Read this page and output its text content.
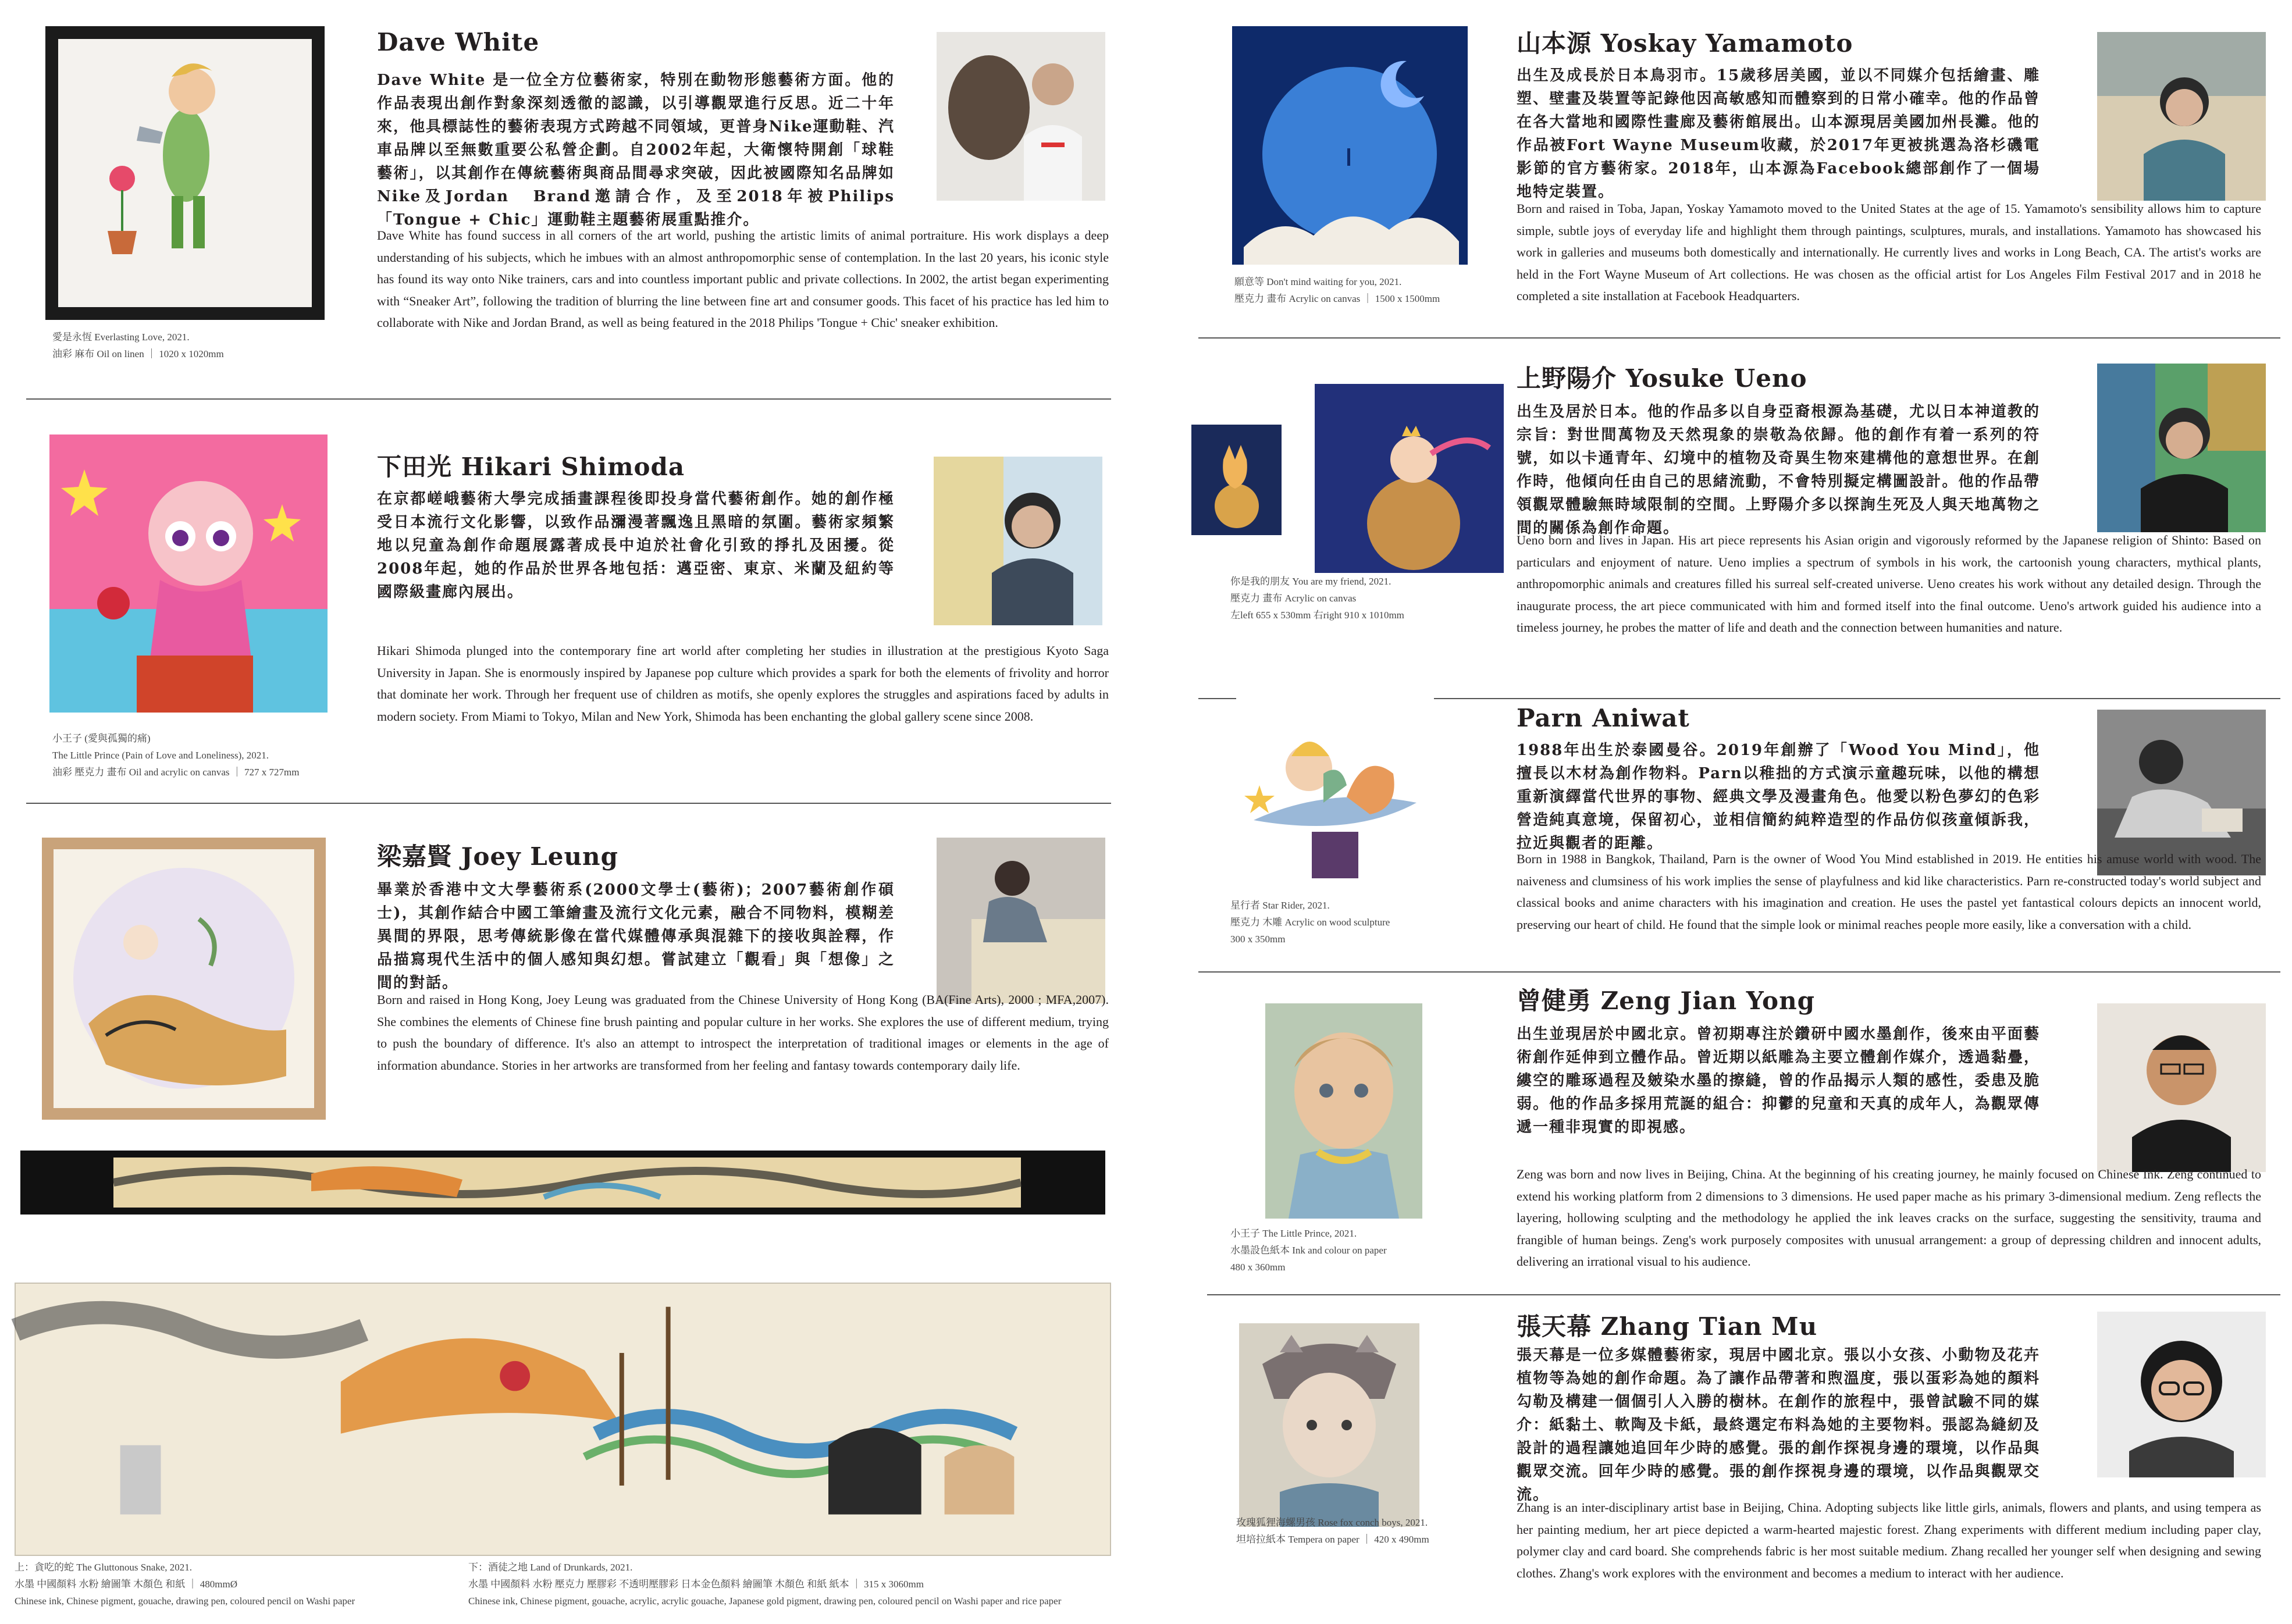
愛是永恆 Everlasting Love, 2021.
油彩 麻布 Oil on linen ｜ 1020 x 1020mm
Dave White
Dave White 是一位全方位藝術家，特別在動物形態藝術方面。他的作品表現出創作對象深刻透徹的認識，以引導觀眾進行反思。近二十年來，他具標誌性的藝術表現方式跨越不同領域，更普身Nike運動鞋、汽車品牌以至無數重要公私營企劃。自2002年起，大衛懷特開創「球鞋藝術」，以其創作在傳統藝術與商品間尋求突破，因此被國際知名品牌如Nike及Jordan　Brand邀請合作，及至2018年被Philips「Tongue + Chic」運動鞋主題藝術展重點推介。
Dave White has found success in all corners of the art world, pushing the artistic limits of animal portraiture. His work displays a deep understanding of his subjects, which he imbues with an almost anthropomorphic sense of contemplation. In the last 20 years, his iconic style has found its way onto Nike trainers, cars and into countless important public and private collections. In 2002, the artist began experimenting with “Sneaker Art”, following the tradition of blurring the line between fine art and consumer goods. This facet of his practice has led him to collaborate with Nike and Jordan Brand, as well as being featured in the 2018 Philips 'Tongue + Chic' sneaker exhibition.
小王子 (愛與孤獨的痛)
The Little Prince (Pain of Love and Loneliness), 2021.
油彩 壓克力 畫布 Oil and acrylic on canvas ｜ 727 x 727mm
下田光 Hikari Shimoda
在京都嵯峨藝術大學完成插畫課程後即投身當代藝術創作。她的創作極受日本流行文化影響，以致作品瀰漫著飄逸且黑暗的氛圍。藝術家頻繁地以兒童為創作命題展露著成長中迫於社會化引致的掙扎及困擾。從2008年起，她的作品於世界各地包括：邁亞密、東京、米蘭及紐約等國際級畫廊內展出。
Hikari Shimoda plunged into the contemporary fine art world after completing her studies in illustration at the prestigious Kyoto Saga University in Japan. She is enormously inspired by Japanese pop culture which provides a spark for both the elements of frivolity and horror that dominate her work. Through her frequent use of children as motifs, she openly explores the struggles and aspirations faced by adults in modern society. From Miami to Tokyo, Milan and New York, Shimoda has been enchanting the global gallery scene since 2008.
梁嘉賢 Joey Leung
畢業於香港中文大學藝術系(2000文學士(藝術)；2007藝術創作碩士)，其創作結合中國工筆繪畫及流行文化元素，融合不同物料，模糊差異間的界限，思考傳統影像在當代媒體傳承與混雜下的接收與詮釋，作品描寫現代生活中的個人感知與幻想。嘗試建立「觀看」與「想像」之間的對話。
Born and raised in Hong Kong, Joey Leung was graduated from the Chinese University of Hong Kong (BA(Fine Arts), 2000 ; MFA,2007). She combines the elements of Chinese fine brush painting and popular culture in her works. She explores the use of different medium, trying to push the boundary of difference. It's also an attempt to introspect the interpretation of traditional images or elements in the age of information abundance. Stories in her artworks are transformed from her feeling and fantasy towards contemporary daily life.
上：貪吃的蛇 The Gluttonous Snake, 2021.
水墨 中國顏料 水粉 繪圖筆 木顏色 和紙 ｜ 480mmØ
Chinese ink, Chinese pigment, gouache, drawing pen, coloured pencil on Washi paper
下：酒徒之地 Land of Drunkards, 2021.
水墨 中國顏料 水粉 壓克力 壓膠彩 不透明壓膠彩 日本金色顏料 繪圖筆 木顏色 和紙 紙本 ｜ 315 x 3060mm
Chinese ink, Chinese pigment, gouache, acrylic, acrylic gouache, Japanese gold pigment, drawing pen, coloured pencil on Washi paper and rice paper
願意等 Don't mind waiting for you, 2021.
壓克力 畫布 Acrylic on canvas ｜ 1500 x 1500mm
山本源 Yoskay Yamamoto
出生及成長於日本鳥羽市。15歲移居美國，並以不同媒介包括繪畫、雕塑、壁畫及裝置等記錄他因高敏感知而體察到的日常小確幸。他的作品曾在各大當地和國際性畫廊及藝術館展出。山本源現居美國加州長灘。他的作品被Fort Wayne Museum收藏，於2017年更被挑選為洛杉磯電影節的官方藝術家。2018年，山本源為Facebook總部創作了一個場地特定裝置。
Born and raised in Toba, Japan, Yoskay Yamamoto moved to the United States at the age of 15. Yamamoto's sensibility allows him to capture simple, subtle joys of everyday life and highlight them through paintings, sculptures, murals, and installations. Yamamoto has showcased his work in galleries and museums both domestically and internationally. He currently lives and works in Long Beach, CA. The artist's works are held in the Fort Wayne Museum of Art collections. He was chosen as the official artist for Los Angeles Film Festival 2017 and in 2018 he completed a site installation at Facebook Headquarters.
你是我的朋友 You are my friend, 2021.
壓克力 畫布 Acrylic on canvas
左left 655 x 530mm 右right 910 x 1010mm
上野陽介 Yosuke Ueno
出生及居於日本。他的作品多以自身亞裔根源為基礎，尤以日本神道教的宗旨：對世間萬物及天然現象的崇敬為依歸。他的創作有着一系列的符號，如以卡通青年、幻境中的植物及奇異生物來建構他的意想世界。在創作時，他傾向任由自己的思緒流動，不會特別擬定構圖設計。他的作品帶領觀眾體驗無時域限制的空間。上野陽介多以探詢生死及人與天地萬物之間的關係為創作命題。
Ueno born and lives in Japan. His art piece represents his Asian origin and vigorously reformed by the Japanese religion of Shinto: Based on particulars and enjoyment of nature. Ueno implies a spectrum of symbols in his work, the cartoonish young characters, mythical plants, anthropomorphic animals and creatures filled his surreal self-created universe. Ueno creates his work without any detailed design. Through the inaugurate process, the art piece communicated with him and formed itself into the final outcome. Ueno's artwork guided his audience into a timeless journey, he probes the matter of life and death and the connection between humanities and nature.
星行者 Star Rider, 2021.
壓克力 木雕 Acrylic on wood sculpture
300 x 350mm
Parn Aniwat
1988年出生於泰國曼谷。2019年創辦了「Wood You Mind」，他擅長以木材為創作物料。Parn以稚拙的方式演示童趣玩味，以他的構想重新演繹當代世界的事物、經典文學及漫畫角色。他愛以粉色夢幻的色彩營造純真意境，保留初心，並相信簡約純粹造型的作品仿似孩童傾訴我，拉近與觀者的距離。
Born in 1988 in Bangkok, Thailand, Parn is the owner of Wood You Mind established in 2019. He entities his amuse world with wood. The naiveness and clumsiness of his work implies the sense of playfulness and kid like characteristics. Parn re-constructed today's world subject and classical books and anime characters with his imagination and creation. He uses the pastel yet fantastical colours depicts an innocent world, preserving our heart of child. He found that the simple look or minimal reaches people more easily, like a conversation with a child.
小王子 The Little Prince, 2021.
水墨設色紙本 Ink and colour on paper
480 x 360mm
曾健勇 Zeng Jian Yong
出生並現居於中國北京。曾初期專注於鑽研中國水墨創作，後來由平面藝術創作延伸到立體作品。曾近期以紙雕為主要立體創作媒介，透過黏疊，縷空的雕琢過程及皴染水墨的擦縫，曾的作品揭示人類的感性，委患及脆弱。他的作品多採用荒誕的組合：抑鬱的兒童和天真的成年人，為觀眾傳遞一種非現實的即視感。
Zeng was born and now lives in Beijing, China. At the beginning of his creating journey, he mainly focused on Chinese Ink. Zeng continued to extend his working platform from 2 dimensions to 3 dimensions. He used paper mache as his primary 3-dimensional medium. Zeng reflects the layering, hollowing sculpting and the methodology he applied the ink leaves cracks on the surface, suggesting the sensitivity, trauma and frangible of human beings. Zeng's work purposely composites with unusual arrangement: a group of depressing children and innocent adults, delivering an irrational visual to his audience.
玫瑰狐狸海螺男孩 Rose fox conch boys, 2021.
坦培拉紙本 Tempera on paper ｜ 420 x 490mm
張天幕 Zhang Tian Mu
張天幕是一位多媒體藝術家，現居中國北京。張以小女孩、小動物及花卉植物等為她的創作命題。為了讓作品帶著和煦溫度，張以蛋彩為她的顏料勾勒及構建一個個引人入勝的樹林。在創作的旅程中，張曾試驗不同的媒介：紙黏土、軟陶及卡紙，最終選定布料為她的主要物料。張認為縫紉及設計的過程讓她追回年少時的感覺。張的創作探視身邊的環境，以作品與觀眾交流。回年少時的感覺。張的創作探視身邊的環境，以作品與觀眾交流。
Zhang is an inter-disciplinary artist base in Beijing, China. Adopting subjects like little girls, animals, flowers and plants, and using tempera as her painting medium, her art piece depicted a warm-hearted majestic forest. Zhang experiments with different medium including paper clay, polymer clay and card board. She comprehends fabric is her most suitable medium. Zhang recalled her younger self when designing and sewing clothes. Zhang's work explores with the environment and becomes a medium to interact with her audience.
